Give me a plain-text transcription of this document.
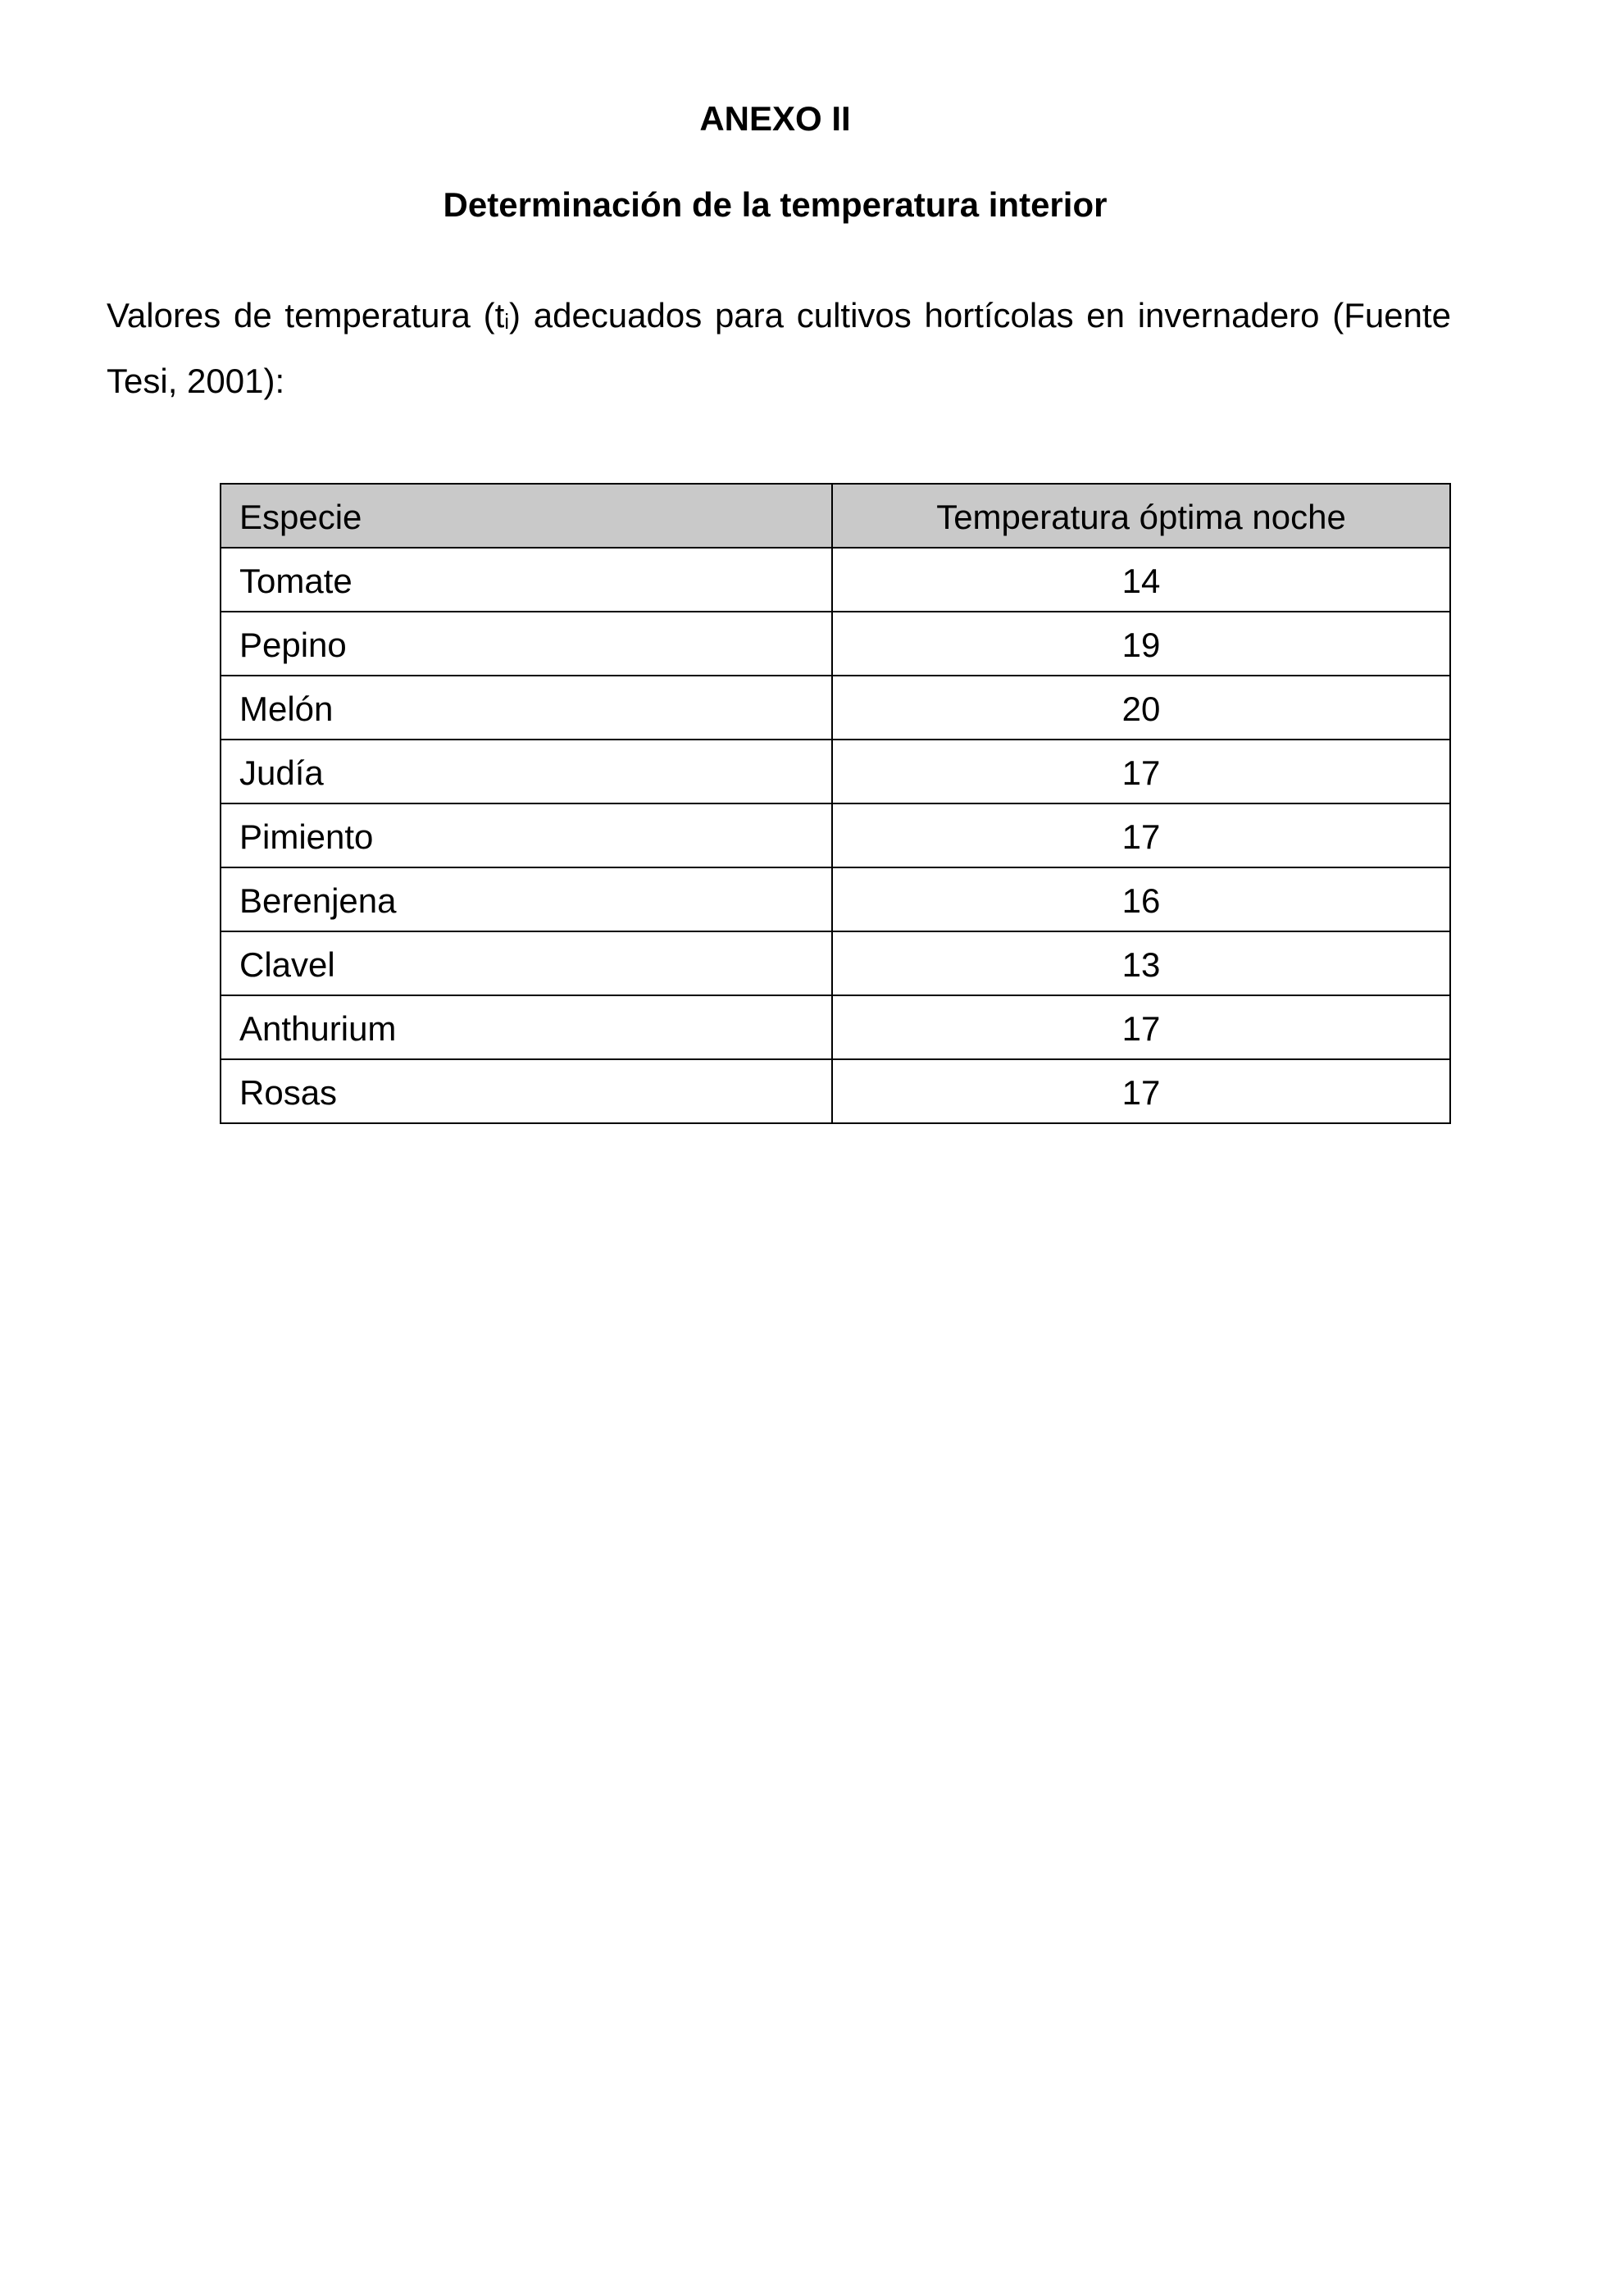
ANEXO II
Determinación de la temperatura interior

Valores de temperatura $(t_i)$ adecuados para cultivos hortícolas en invernadero (Fuente Tesi, 2001):

Especie	Temperatura óptima noche
Tomate	14
Pepino	19
Melón	20
Judía	17
Pimiento	17
Berenjena	16
Clavel	13
Anthurium	17
Rosas	17
